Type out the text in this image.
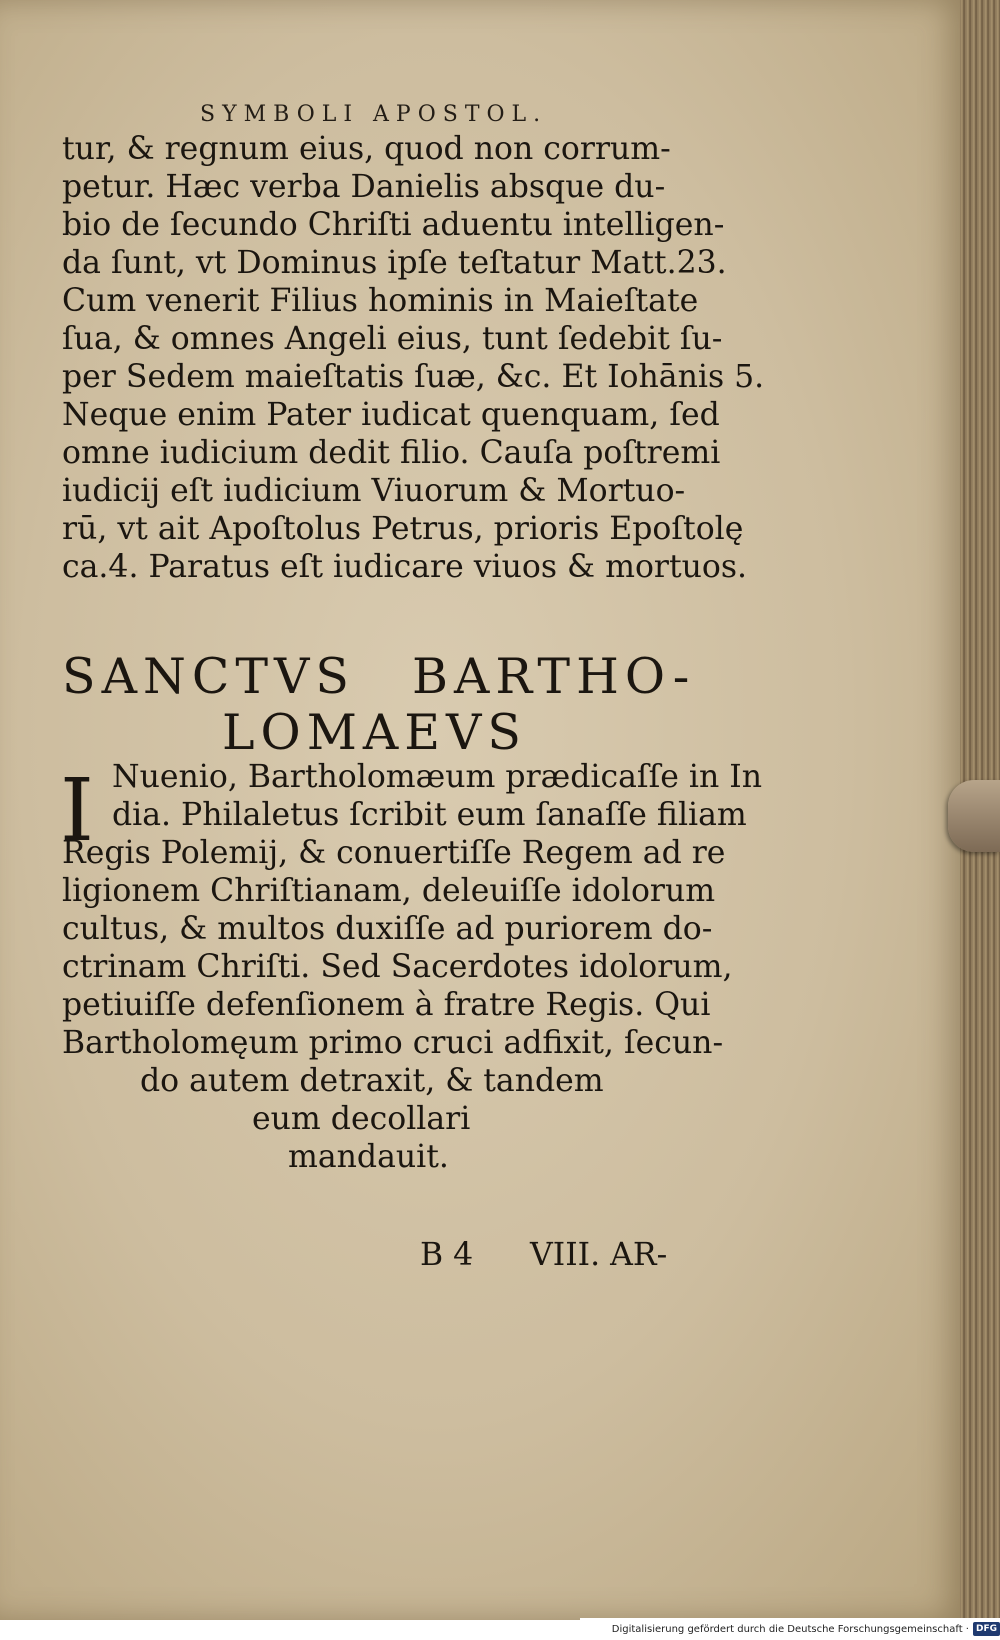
SYMBOLI APOSTOL.
tur, & regnum eius, quod non corrum-
petur. Hæc verba Danielis absque du-
bio de ſecundo Chriſti aduentu intelligen-
da ſunt, vt Dominus ipſe teſtatur Matt.23.
Cum venerit Filius hominis in Maieſtate
ſua, & omnes Angeli eius, tunt ſedebit ſu-
per Sedem maieſtatis ſuæ, &c. Et Iohānis 5.
Neque enim Pater iudicat quenquam, ſed
omne iudicium dedit filio. Cauſa poſtremi
iudicij eſt iudicium Viuorum & Mortuo-
rū, vt ait Apoſtolus Petrus, prioris Epoſtolę
ca.4. Paratus eſt iudicare viuos & mortuos.
SANCTVS BARTHO-
LOMAEVS
I Nuenio, Bartholomæum prædicaſſe in In
dia. Philaletus ſcribit eum ſanaſſe filiam
Regis Polemij, & conuertiſſe Regem ad re
ligionem Chriſtianam, deleuiſſe idolorum
cultus, & multos duxiſſe ad puriorem do-
ctrinam Chriſti. Sed Sacerdotes idolorum,
petiuiſſe defenſionem à fratre Regis. Qui
Bartholomęum primo cruci adfixit, ſecun-
do autem detraxit, & tandem
eum decollari
mandauit.
B 4 VIII. AR-
Digitalisierung gefördert durch die Deutsche Forschungsgemeinschaft · DFG
